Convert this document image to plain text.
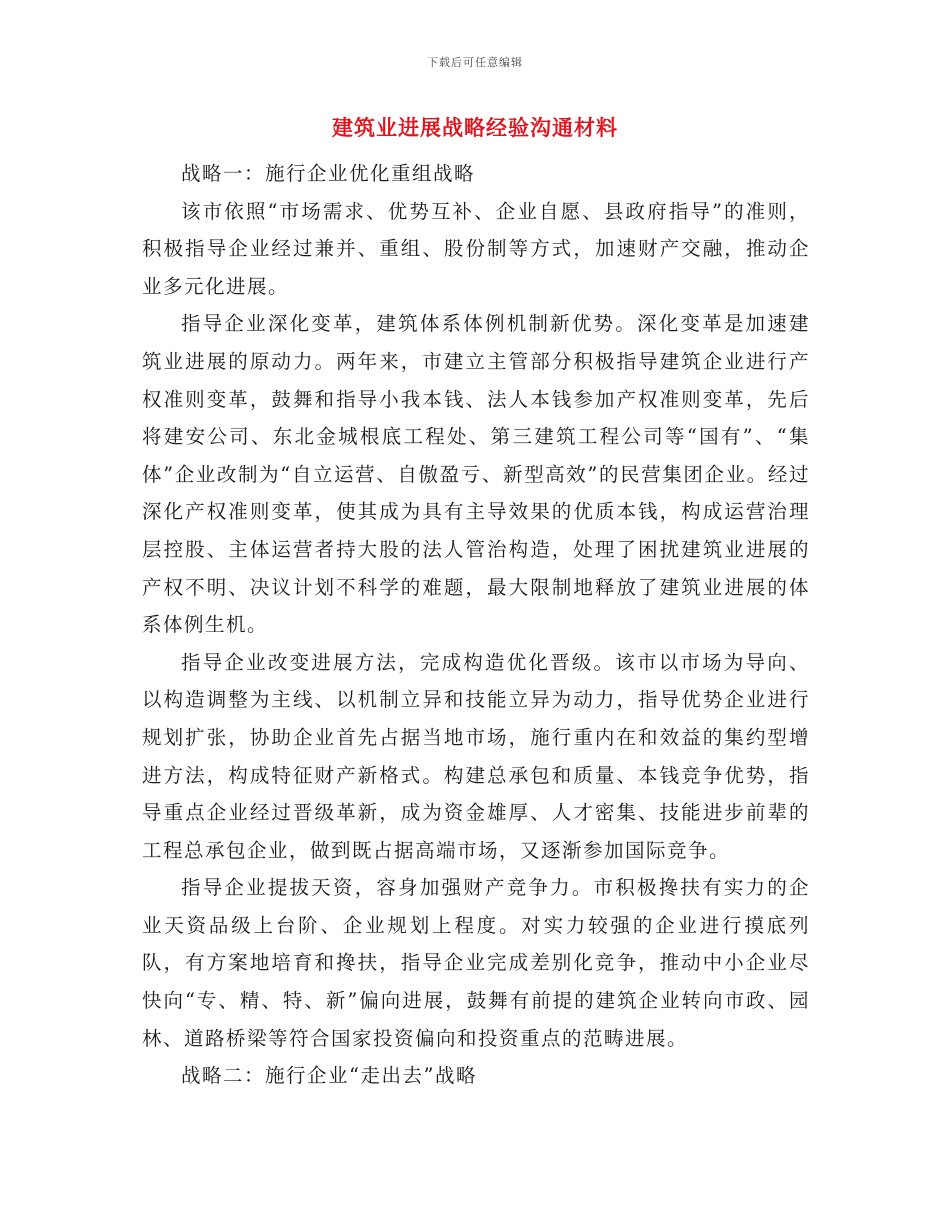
下载后可任意编辑
建筑业进展战略经验沟通材料

战略一：施行企业优化重组战略

该市依照“市场需求、优势互补、企业自愿、县政府指导”的准则，积极指导企业经过兼并、重组、股份制等方式，加速财产交融，推动企业多元化进展。

指导企业深化变革，建筑体系体例机制新优势。深化变革是加速建筑业进展的原动力。两年来，市建立主管部分积极指导建筑企业进行产权准则变革，鼓舞和指导小我本钱、法人本钱参加产权准则变革，先后将建安公司、东北金城根底工程处、第三建筑工程公司等“国有”、“集体”企业改制为“自立运营、自傲盈亏、新型高效”的民营集团企业。经过深化产权准则变革，使其成为具有主导效果的优质本钱，构成运营治理层控股、主体运营者持大股的法人管治构造，处理了困扰建筑业进展的产权不明、决议计划不科学的难题，最大限制地释放了建筑业进展的体系体例生机。

指导企业改变进展方法，完成构造优化晋级。该市以市场为导向、以构造调整为主线、以机制立异和技能立异为动力，指导优势企业进行规划扩张，协助企业首先占据当地市场，施行重内在和效益的集约型增进方法，构成特征财产新格式。构建总承包和质量、本钱竞争优势，指导重点企业经过晋级革新，成为资金雄厚、人才密集、技能进步前辈的工程总承包企业，做到既占据高端市场，又逐渐参加国际竞争。

指导企业提拔天资，容身加强财产竞争力。市积极搀扶有实力的企业天资品级上台阶、企业规划上程度。对实力较强的企业进行摸底列队，有方案地培育和搀扶，指导企业完成差别化竞争，推动中小企业尽快向“专、精、特、新”偏向进展，鼓舞有前提的建筑企业转向市政、园林、道路桥梁等符合国家投资偏向和投资重点的范畴进展。

战略二：施行企业“走出去”战略
